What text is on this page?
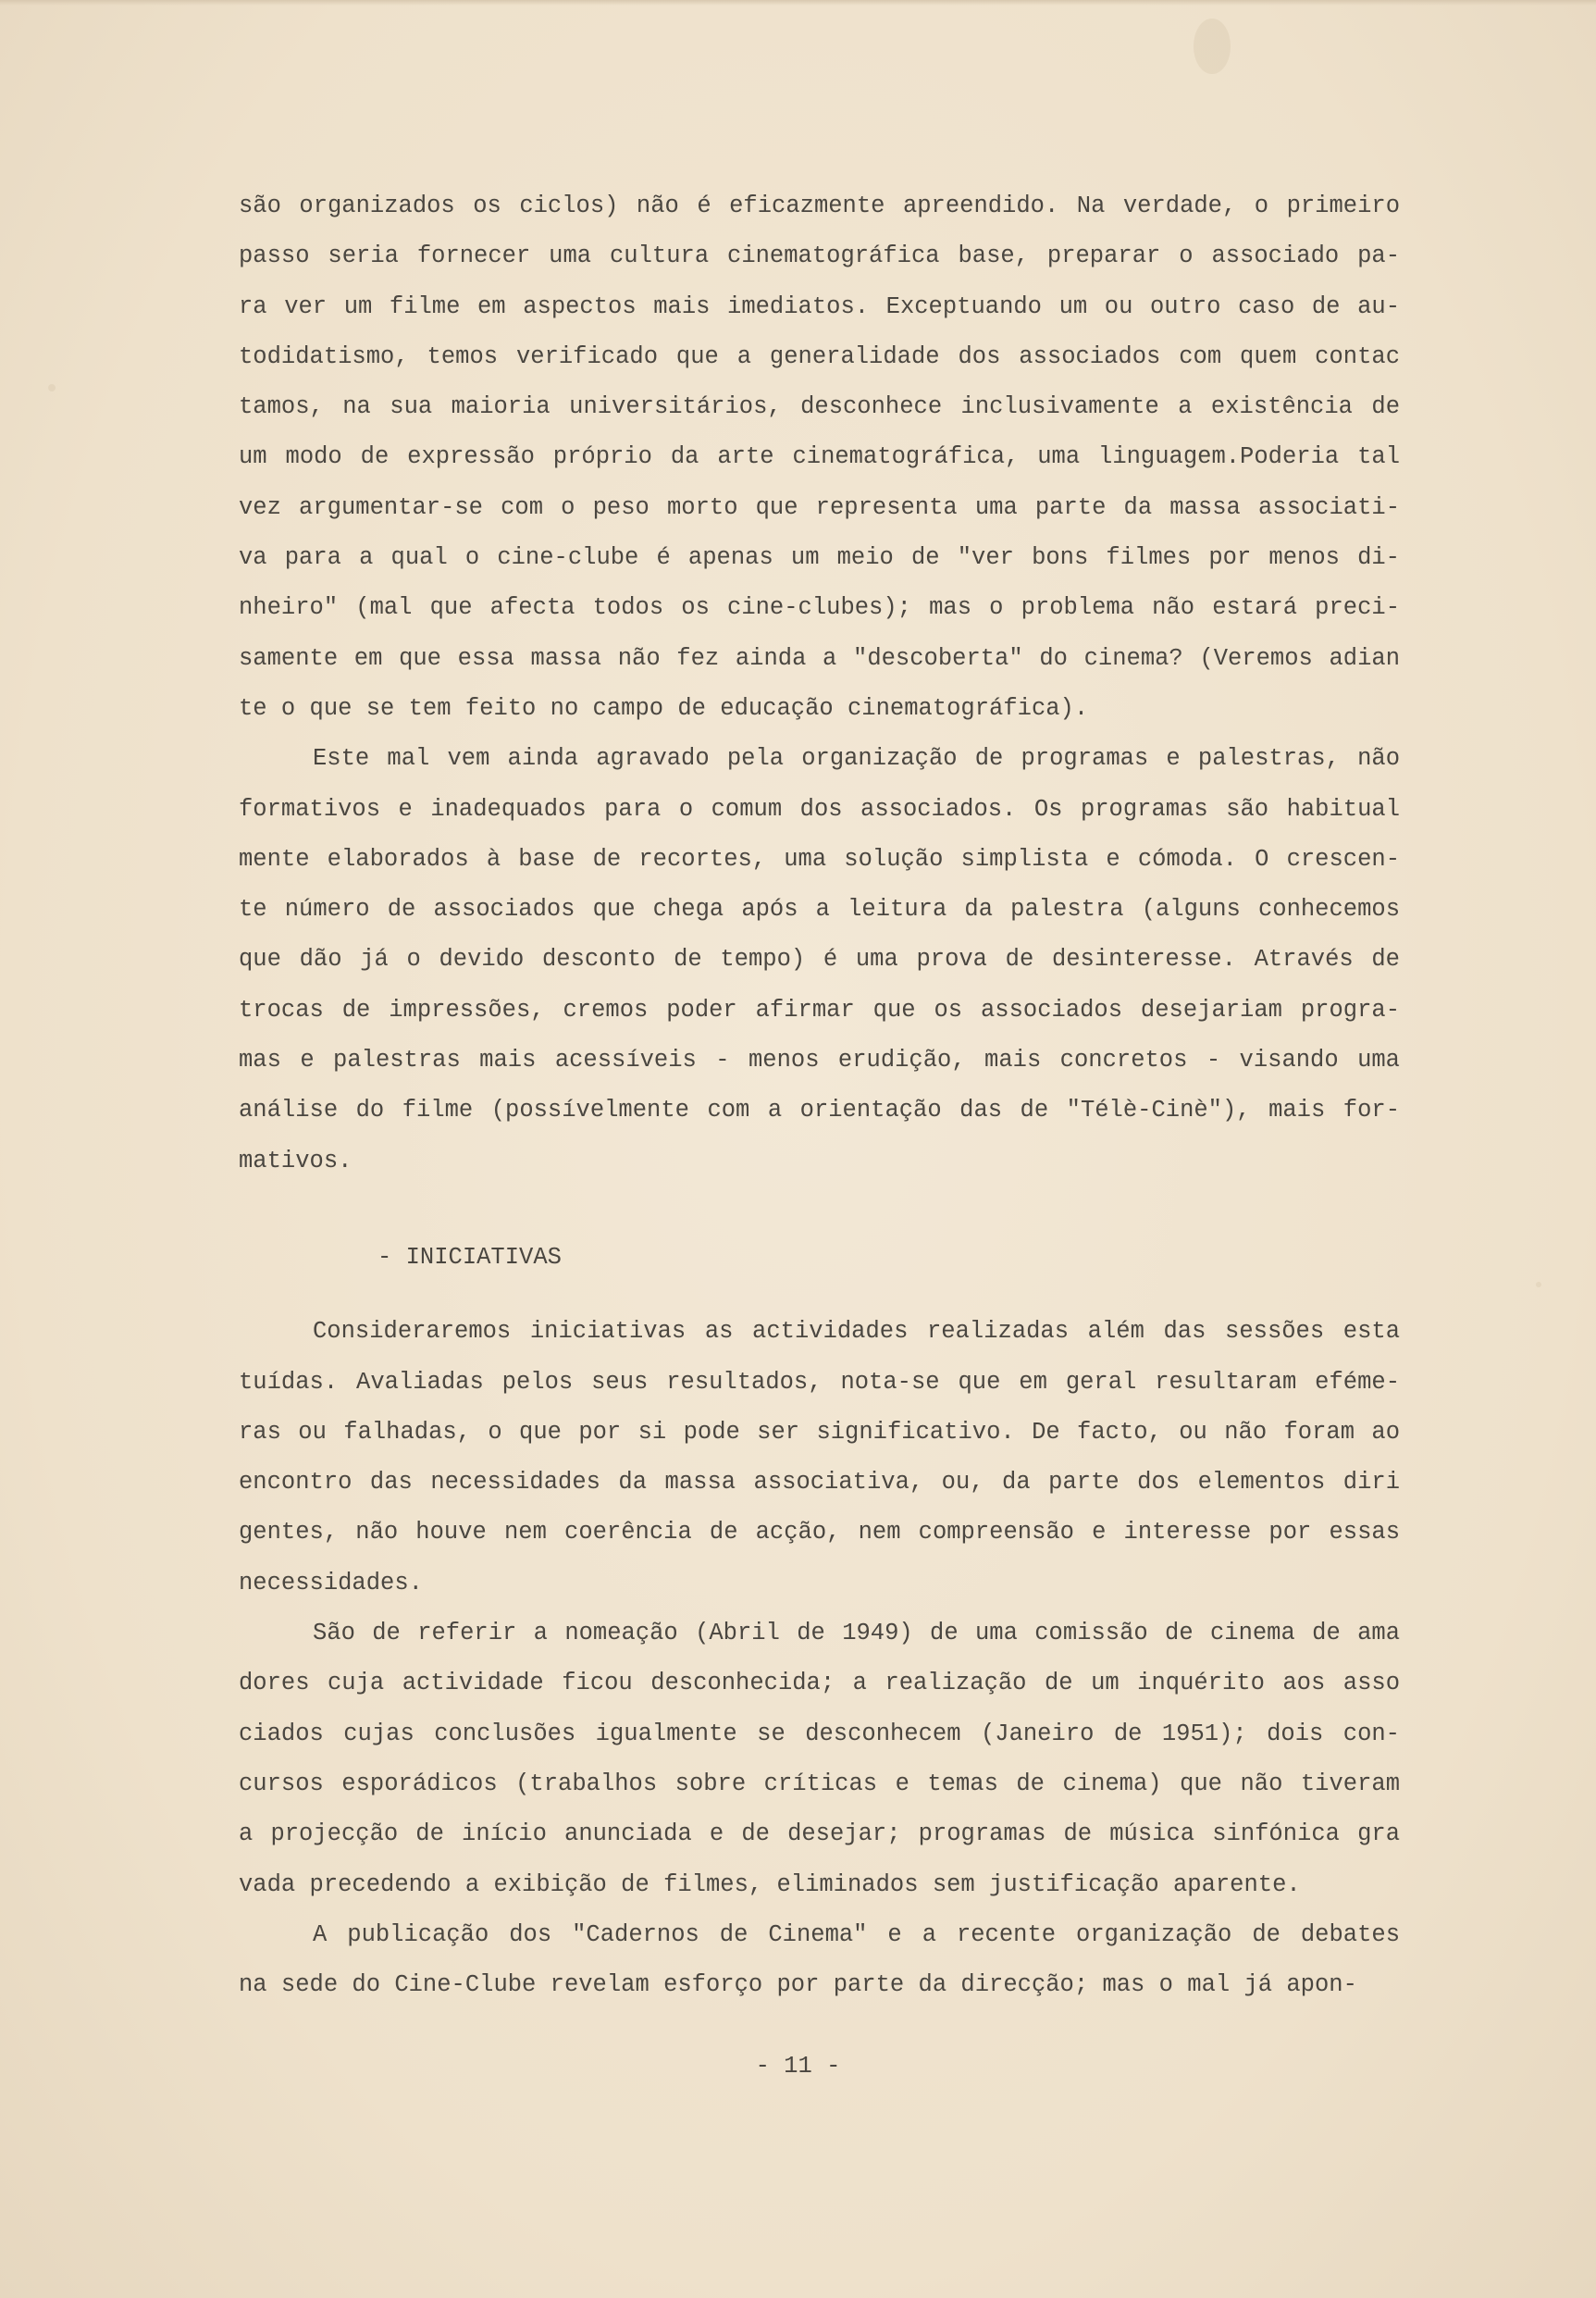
são organizados os ciclos) não é eficazmente apreendido. Na verdade, o primeiro
passo seria fornecer uma cultura cinematográfica base, preparar o associado pa-
ra ver um filme em aspectos mais imediatos. Exceptuando um ou outro caso de au-
todidatismo, temos verificado que a generalidade dos associados com quem contac
tamos, na sua maioria universitários, desconhece inclusivamente a existência de
um modo de expressão próprio da arte cinematográfica, uma linguagem.Poderia tal
vez argumentar-se com o peso morto que representa uma parte da massa associati-
va para a qual o cine-clube é apenas um meio de "ver bons filmes por menos di-
nheiro" (mal que afecta todos os cine-clubes); mas o problema não estará preci-
samente em que essa massa não fez ainda a "descoberta" do cinema? (Veremos adian
te o que se tem feito no campo de educação cinematográfica).
Este mal vem ainda agravado pela organização de programas e palestras, não
formativos e inadequados para o comum dos associados. Os programas são habitual
mente elaborados à base de recortes, uma solução simplista e cómoda. O crescen-
te número de associados que chega após a leitura da palestra (alguns conhecemos
que dão já o devido desconto de tempo) é uma prova de desinteresse. Através de
trocas de impressões, cremos poder afirmar que os associados desejariam progra-
mas e palestras mais acessíveis - menos erudição, mais concretos - visando uma
análise do filme (possívelmente com a orientação das de "Télè-Cinè"), mais for-
mativos.
- INICIATIVAS
Consideraremos iniciativas as actividades realizadas além das sessões esta
tuídas. Avaliadas pelos seus resultados, nota-se que em geral resultaram eféme-
ras ou falhadas, o que por si pode ser significativo. De facto, ou não foram ao
encontro das necessidades da massa associativa, ou, da parte dos elementos diri
gentes, não houve nem coerência de acção, nem compreensão e interesse por essas
necessidades.
São de referir a nomeação (Abril de 1949) de uma comissão de cinema de ama
dores cuja actividade ficou desconhecida; a realização de um inquérito aos asso
ciados cujas conclusões igualmente se desconhecem (Janeiro de 1951); dois con-
cursos esporádicos (trabalhos sobre críticas e temas de cinema) que não tiveram
a projecção de início anunciada e de desejar; programas de música sinfónica gra
vada precedendo a exibição de filmes, eliminados sem justificação aparente.
A publicação dos "Cadernos de Cinema" e a recente organização de debates
na sede do Cine-Clube revelam esforço por parte da direcção; mas o mal já apon-
- 11 -
